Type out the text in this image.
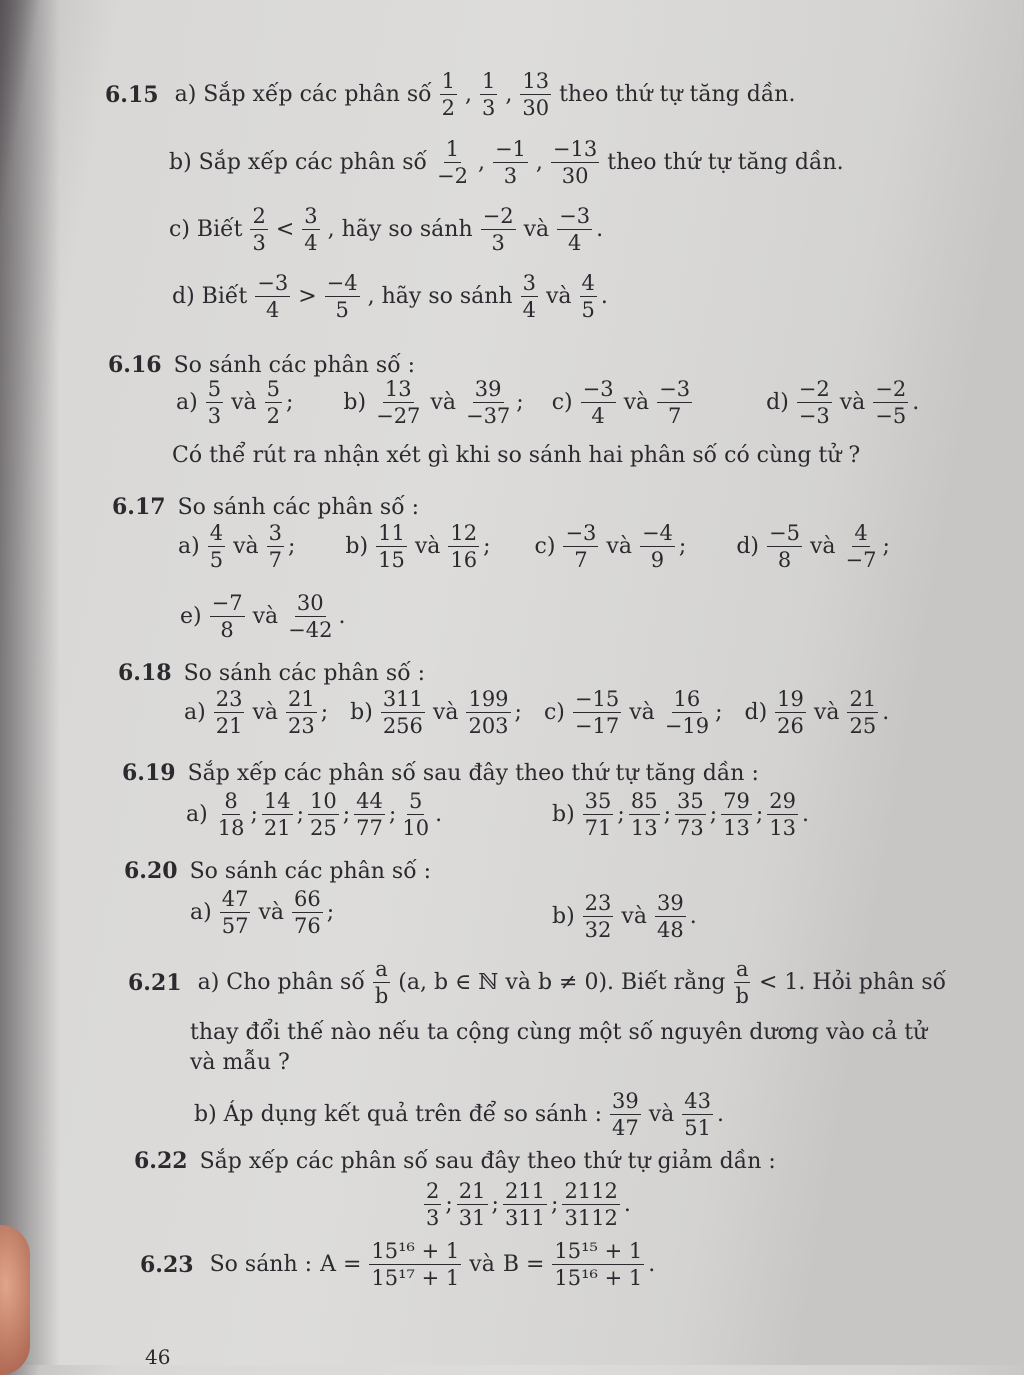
6.15 a) Sắp xếp các phân số $\frac{1}{2}$ , $\frac{1}{3}$ , $\frac{13}{30}$ theo thứ tự tăng dần.
b) Sắp xếp các phân số $\frac{1}{-2}$ , $\frac{-1}{3}$ , $\frac{-13}{30}$ theo thứ tự tăng dần.
c) Biết $\frac{2}{3} < \frac{3}{4}$ , hãy so sánh $\frac{-2}{3}$ và $\frac{-3}{4}$ .
d) Biết $\frac{-3}{4} > \frac{-4}{5}$ , hãy so sánh $\frac{3}{4}$ và $\frac{4}{5}$ .
6.16 So sánh các phân số :
$a) \frac{5}{3}$ và $\frac{5}{2}$ ; $b) \frac{13}{-27}$ và $\frac{39}{-37}$ ; $c) \frac{-3}{4}$ và $\frac{-3}{7}$	$d) \frac{-2}{-3}$ và $\frac{-2}{-5}$ .
Có thể rút ra nhận xét gì khi so sánh hai phân số có cùng tử ?
6.17 So sánh các phân số :
$a) \frac{4}{5}$ và $\frac{3}{7}$ ; $b) \frac{11}{15}$ và $\frac{12}{16}$ ; $c) \frac{-3}{7}$ và $\frac{-4}{9}$ ; $d) \frac{-5}{8}$ và $\frac{4}{-7}$ ;
$e) \frac{-7}{8}$ và $\frac{30}{-42}$ .
6.18 So sánh các phân số :
$a) \frac{23}{21}$ và $\frac{21}{23}$ ; $b) \frac{311}{256}$ và $\frac{199}{203}$ ; $c) \frac{-15}{-17}$ và $\frac{16}{-19}$ ; $d) \frac{19}{26}$ và $\frac{21}{25}$ .
6.19 Sắp xếp các phân số sau đây theo thứ tự tăng dần :
$a) \frac{8}{18}$ ; $\frac{14}{21}$ ; $\frac{10}{25}$ ; $\frac{44}{77}$ ; $\frac{5}{10}$ .	$b) \frac{35}{71}$ ; $\frac{85}{13}$ ; $\frac{35}{73}$ ; $\frac{79}{13}$ ; $\frac{29}{13}$ .
6.20 So sánh các phân số :
$a) \frac{47}{57}$ và $\frac{66}{76}$ ;	$b) \frac{23}{32}$ và $\frac{39}{48}$ .
6.21 a) Cho phân số $\frac{a}{b} (a$, b ∈ ℕ và b ≠ 0). Biết rằng $\frac{a}{b} < 1$. Hỏi phân số
thay đổi thế nào nếu ta cộng cùng một số nguyên dương vào cả tử
và mẫu ?
b) Áp dụng kết quả trên để so sánh : $\frac{39}{47}$ và $\frac{43}{51}$ .
6.22 Sắp xếp các phân số sau đây theo thứ tự giảm dần :
$\frac{2}{3}$ ; $\frac{21}{31}$ ; $\frac{211}{311}$ ; $\frac{2112}{3112}$ .
6.23 So sánh : $A = \frac{\text{15¹⁶ + 1}}{\text{15¹⁷ + 1}}$ và $B = \frac{\text{15¹⁵ + 1}}{\text{15¹⁶ + 1}}$ .
46
